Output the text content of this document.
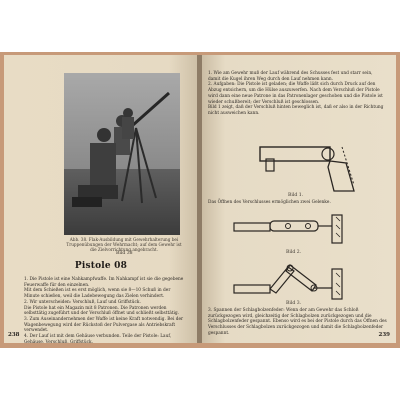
Abb. 38. Flak-Ausbildung mit Gewehrhalterung bei Truppenübungen der Wehrmacht; auf dem Gewehr ist die Zielvorrichtung angebracht.
Bild 38
Pistole 08

1. Die Pistole ist eine Nahkampfwaffe. Im Nahkampf ist sie die gegebene Feuerwaffe für den einzelnen.

Mit dem Schießen ist es erst möglich, wenn sie 8—10 Schuß in der Minute schießen, weil die Ladebewegung das Zielen verhindert.

2. Wir unterscheiden: Verschluß, Lauf und Griffstück.

Die Pistole hat ein Magazin mit 8 Patronen. Die Patronen werden selbsttätig zugeführt und der Verschluß öffnet und schließt selbsttätig.

3. Zum Auseinandernehmen der Waffe ist keine Kraft notwendig. Bei der Wagenbewegung wird der Rückstoß der Pulvergase als Antriebskraft verwendet.

4. Der Lauf ist mit dem Gehäuse verbunden. Teile der Pistole: Lauf, Gehäuse, Verschluß, Griffstück.

238

1. Wie am Gewehr muß der Lauf während des Schusses fest und starr sein, damit die Kugel ihren Weg durch den Lauf nehmen kann.

2. Aufgaben: Die Pistole ist geladen; die Waffe läßt sich durch Druck auf den Abzug entsichern, um die Hülse auszuwerfen. Nach dem Verschluß der Pistole wird dann eine neue Patrone in das Patronenlager geschoben und die Pistole ist wieder schußbereit; der Verschluß ist geschlossen.

Bild 1 zeigt, daß der Verschluß hinten beweglich ist, daß er also in der Richtung nicht ausweichen kann.

Bild 1.
Das Öffnen des Verschlusses ermöglichen zwei Gelenke.
Bild 2.
Bild 3.

3. Spannen der Schlagbolzenfeder: Wenn der am Gewehr das Schloß zurückgezogen wird, gleichzeitig der Schlagbolzen zurückgezogen und die Schlagbolzenfeder gespannt. Ebenso wird es bei der Pistole durch das Öffnen des Verschlusses der Schlagbolzen zurückgezogen und damit die Schlagbolzenfeder gespannt.	239
